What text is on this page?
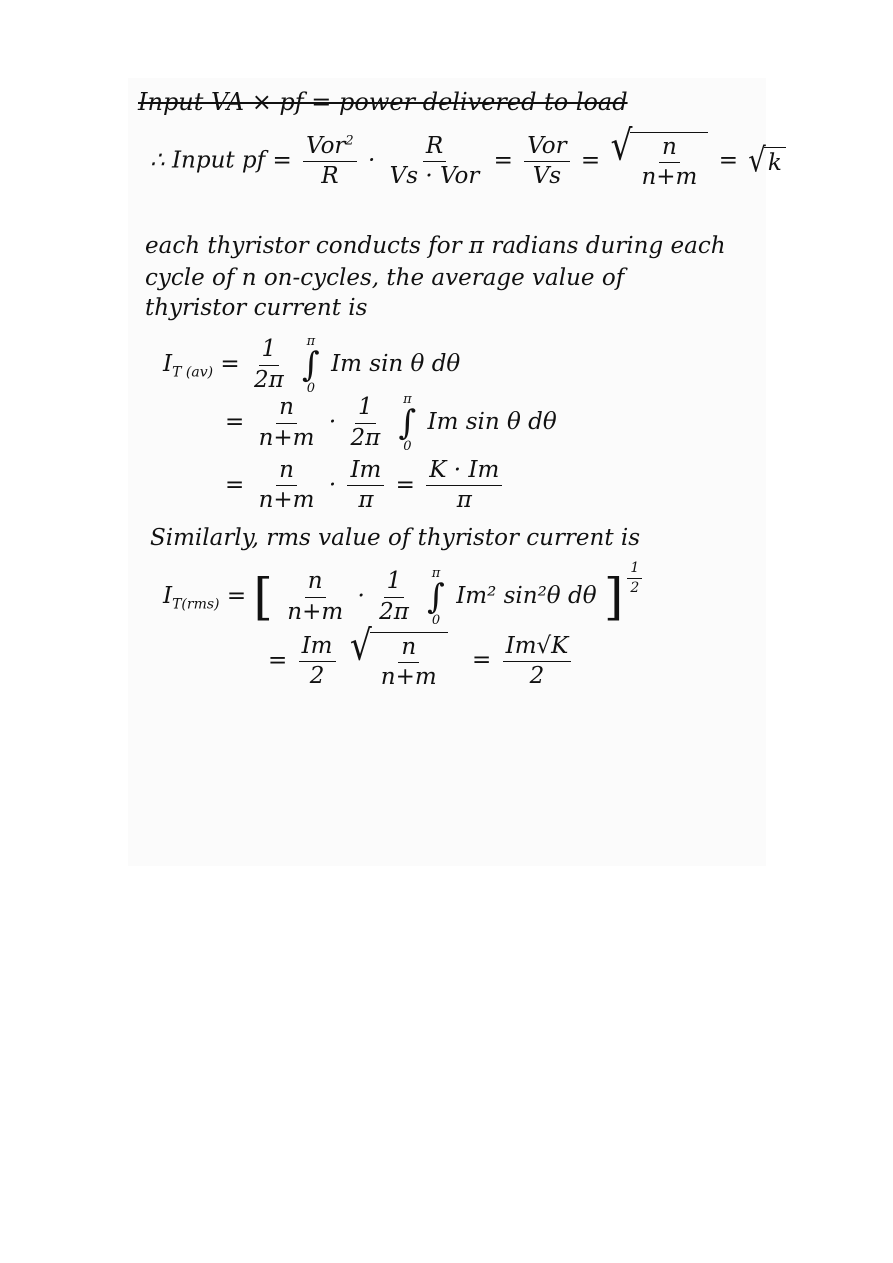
Input VA × pf = power delivered to load
∴ Input pf = $\frac{Vor^2}{R} \cdot \frac{R}{\text{Vs · Vor}} = \frac{\text{Vor}}{Vs}$ = √ $\frac{n}{n+m}$ = √ k
each thyristor conducts for π radians during each
cycle of n on-cycles, the average value of
thyristor current is
$I_{T (av)} = \frac{1}{2\pi}$
π
∫
0
Im sin θ dθ
= $\frac{n}{n+m} \cdot \frac{1}{2\pi}$
π
∫
0
Im sin θ dθ
= $\frac{n}{n+m} \cdot \frac{Im}{\pi} = \frac{K \cdot Im}{\pi}$
Similarly, rms value of thyristor current is
$I_{T(rms)}$ = [ $\frac{n}{n+m} \cdot \frac{1}{2\pi}$
π
∫
0
Im² sin²θ dθ ] $\frac{1}{2}$
= $\frac{Im}{2}$
√ $\frac{n}{n+m} = \frac{Im√K}{2}$
